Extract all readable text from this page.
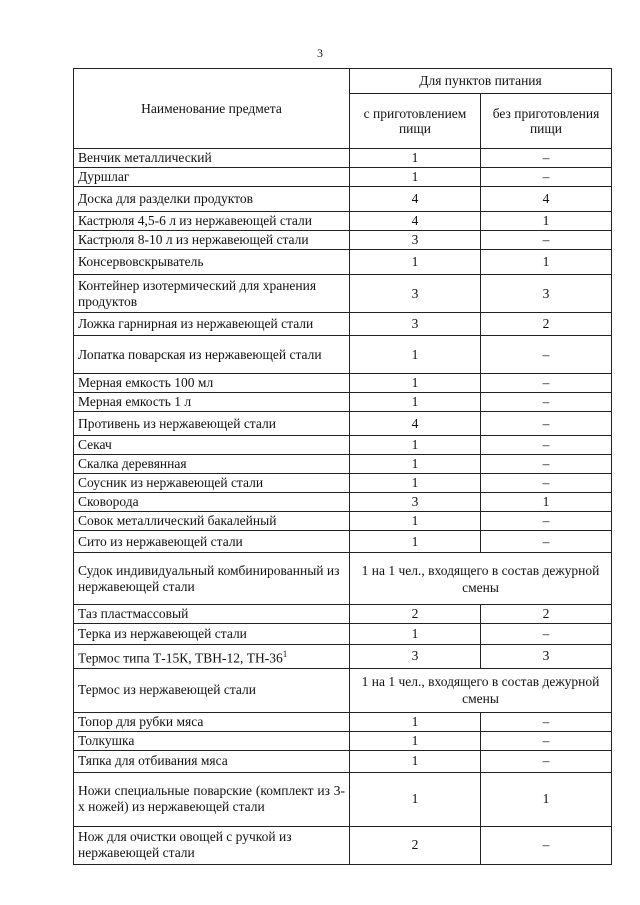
3
Наименование предмета	Для пунктов питания	
	с приготовлением пищи	без приготовления пищи
Венчик металлический	1	–
Дуршлаг	1	–
Доска для разделки продуктов	4	4
Кастрюля 4,5-6 л из нержавеющей стали	4	1
Кастрюля 8-10 л из нержавеющей стали	3	–
Консервовскрыватель	1	1
Контейнер изотермический для хранения продуктов	3	3
Ложка гарнирная из нержавеющей стали	3	2
Лопатка поварская из нержавеющей стали	1	–
Мерная емкость 100 мл	1	–
Мерная емкость 1 л	1	–
Противень из нержавеющей стали	4	–
Секач	1	–
Скалка деревянная	1	–
Соусник из нержавеющей стали	1	–
Сковорода	3	1
Совок металлический бакалейный	1	–
Сито из нержавеющей стали	1	–
Судок индивидуальный комбинированный из нержавеющей стали	1 на 1 чел., входящего в состав дежурной смены	
Таз пластмассовый	2	2
Терка из нержавеющей стали	1	–
Термос типа Т-15К, ТВН-12, $ТН-36^1$	3	3
Термос из нержавеющей стали	1 на 1 чел., входящего в состав дежурной смены	
Топор для рубки мяса	1	–
Толкушка	1	–
Тяпка для отбивания мяса	1	–
Ножи специальные поварские (комплект из 3-х ножей) из нержавеющей стали	1	1
Нож для очистки овощей с ручкой из нержавеющей стали	2	–
